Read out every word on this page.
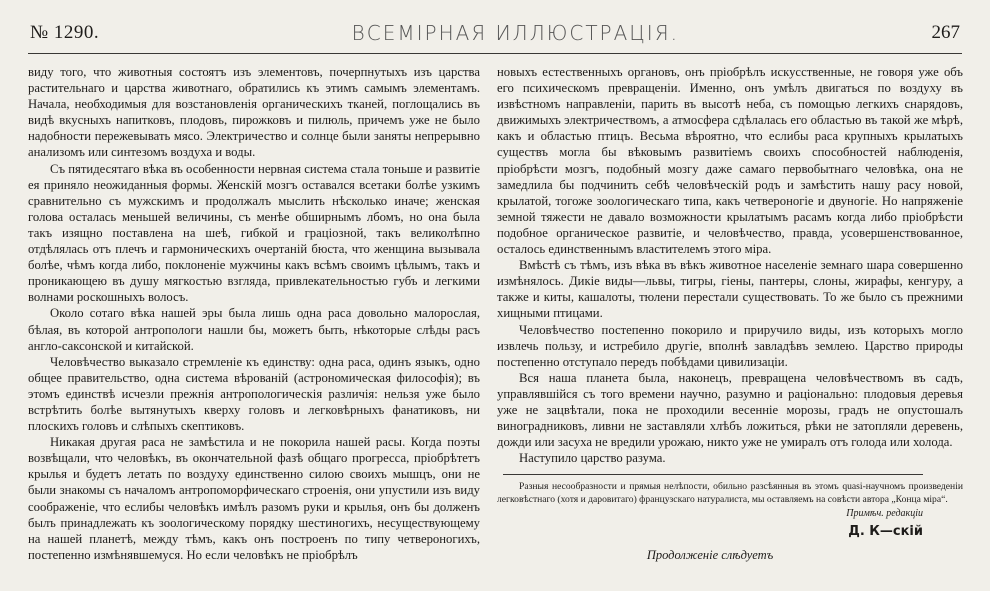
№ 1290.	ВСЕМІРНАЯ ИЛЛЮСТРАЦІЯ.	267

виду того, что животныя состоятъ изъ элементовъ, почерпнутыхъ изъ царства растительнаго и царства животнаго, обратились къ этимъ самымъ элементамъ. Начала, необходимыя для возстановленія органическихъ тканей, поглощались въ видѣ вкусныхъ напитковъ, плодовъ, пирожковъ и пилюль, причемъ уже не было надобности пережевывать мясо. Электричество и солнце были заняты непрерывно анализомъ или синтезомъ воздуха и воды.

Съ пятидесятаго вѣка въ особенности нервная система стала тоньше и развитіе ея приняло неожиданныя формы. Женскій мозгъ оставался всетаки болѣе узкимъ сравнительно съ мужскимъ и продолжалъ мыслить нѣсколько иначе; женская голова осталась меньшей величины, съ менѣе обширнымъ лбомъ, но она была такъ изящно поставлена на шеѣ, гибкой и граціозной, такъ великолѣпно отдѣлялась отъ плечъ и гармоническихъ очертаній бюста, что женщина вызывала болѣе, чѣмъ когда либо, поклоненіе мужчины какъ всѣмъ своимъ цѣлымъ, такъ и проникающею въ душу мягкостью взгляда, привлекательностью губъ и легкими волнами роскошныхъ волосъ.

Около сотаго вѣка нашей эры была лишь одна раса довольно малорослая, бѣлая, въ которой антропологи нашли бы, можетъ быть, нѣкоторые слѣды расъ англо-саксонской и китайской.

Человѣчество выказало стремленіе къ единству: одна раса, одинъ языкъ, одно общее правительство, одна система вѣрованій (астрономическая философія); въ этомъ единствѣ исчезли прежнія антропологическія различія: нельзя уже было встрѣтить болѣе вытянутыхъ кверху головъ и легковѣрныхъ фанатиковъ, ни плоскихъ головъ и слѣпыхъ скептиковъ.

Никакая другая раса не замѣстила и не покорила нашей расы. Когда поэты возвѣщали, что человѣкъ, въ окончательной фазѣ общаго прогресса, пріобрѣтетъ крылья и будетъ летать по воздуху единственно силою своихъ мышцъ, они не были знакомы съ началомъ антропоморфическаго строенія, они упустили изъ виду соображеніе, что еслибы человѣкъ имѣлъ разомъ руки и крылья, онъ бы долженъ былъ принадлежать къ зоологическому порядку шестиногихъ, несуществующему на нашей планетѣ, между тѣмъ, какъ онъ построенъ по типу четвероногихъ, постепенно измѣнявшемуся. Но если человѣкъ не пріобрѣлъ

новыхъ естественныхъ органовъ, онъ пріобрѣлъ искусственные, не говоря уже объ его психическомъ превращеніи. Именно, онъ умѣлъ двигаться по воздуху въ извѣстномъ направленіи, парить въ высотѣ неба, съ помощью легкихъ снарядовъ, движимыхъ электричествомъ, а атмосфера сдѣлалась его областью въ такой же мѣрѣ, какъ и областью птицъ. Весьма вѣроятно, что еслибы раса крупныхъ крылатыхъ существъ могла бы вѣковымъ развитіемъ своихъ способностей наблюденія, пріобрѣсти мозгъ, подобный мозгу даже самаго первобытнаго человѣка, она не замедлила бы подчинить себѣ человѣческій родъ и замѣстить нашу расу новой, крылатой, тогоже зоологическаго типа, какъ четвероногіе и двуногіе. Но напряженіе земной тяжести не давало возможности крылатымъ расамъ когда либо пріобрѣсти подобное органическое развитіе, и человѣчество, правда, усовершенствованное, осталось единственнымъ властителемъ этого міра.

Вмѣстѣ съ тѣмъ, изъ вѣка въ вѣкъ животное населеніе земнаго шара совершенно измѣнялось. Дикіе виды—львы, тигры, гіены, пантеры, слоны, жирафы, кенгуру, а также и киты, кашалоты, тюлени перестали существовать. То же было съ прежними хищными птицами.

Человѣчество постепенно покорило и приручило виды, изъ которыхъ могло извлечь пользу, и истребило другіе, вполнѣ завладѣвъ землею. Царство природы постепенно отступало передъ побѣдами цивилизаціи.

Вся наша планета была, наконецъ, превращена человѣчествомъ въ садъ, управлявшійся съ того времени научно, разумно и раціонально: плодовыя деревья уже не зацвѣтали, пока не проходили весенніе морозы, градъ не опустошалъ виноградниковъ, ливни не заставляли хлѣбъ ложиться, рѣки не затопляли деревень, дожди или засуха не вредили урожаю, никто уже не умиралъ отъ голода или холода.

Наступило царство разума.

Разныя несообразности и прямыя нелѣпости, обильно разсѣянныя въ этомъ quasi-научномъ произведеніи легковѣстнаго (хотя и даровитаго) французскаго натуралиста, мы оставляемъ на совѣсти автора „Конца міра“.

Примѣч. редакціи
Д. К—скій
Продолженіе слѣдуетъ
